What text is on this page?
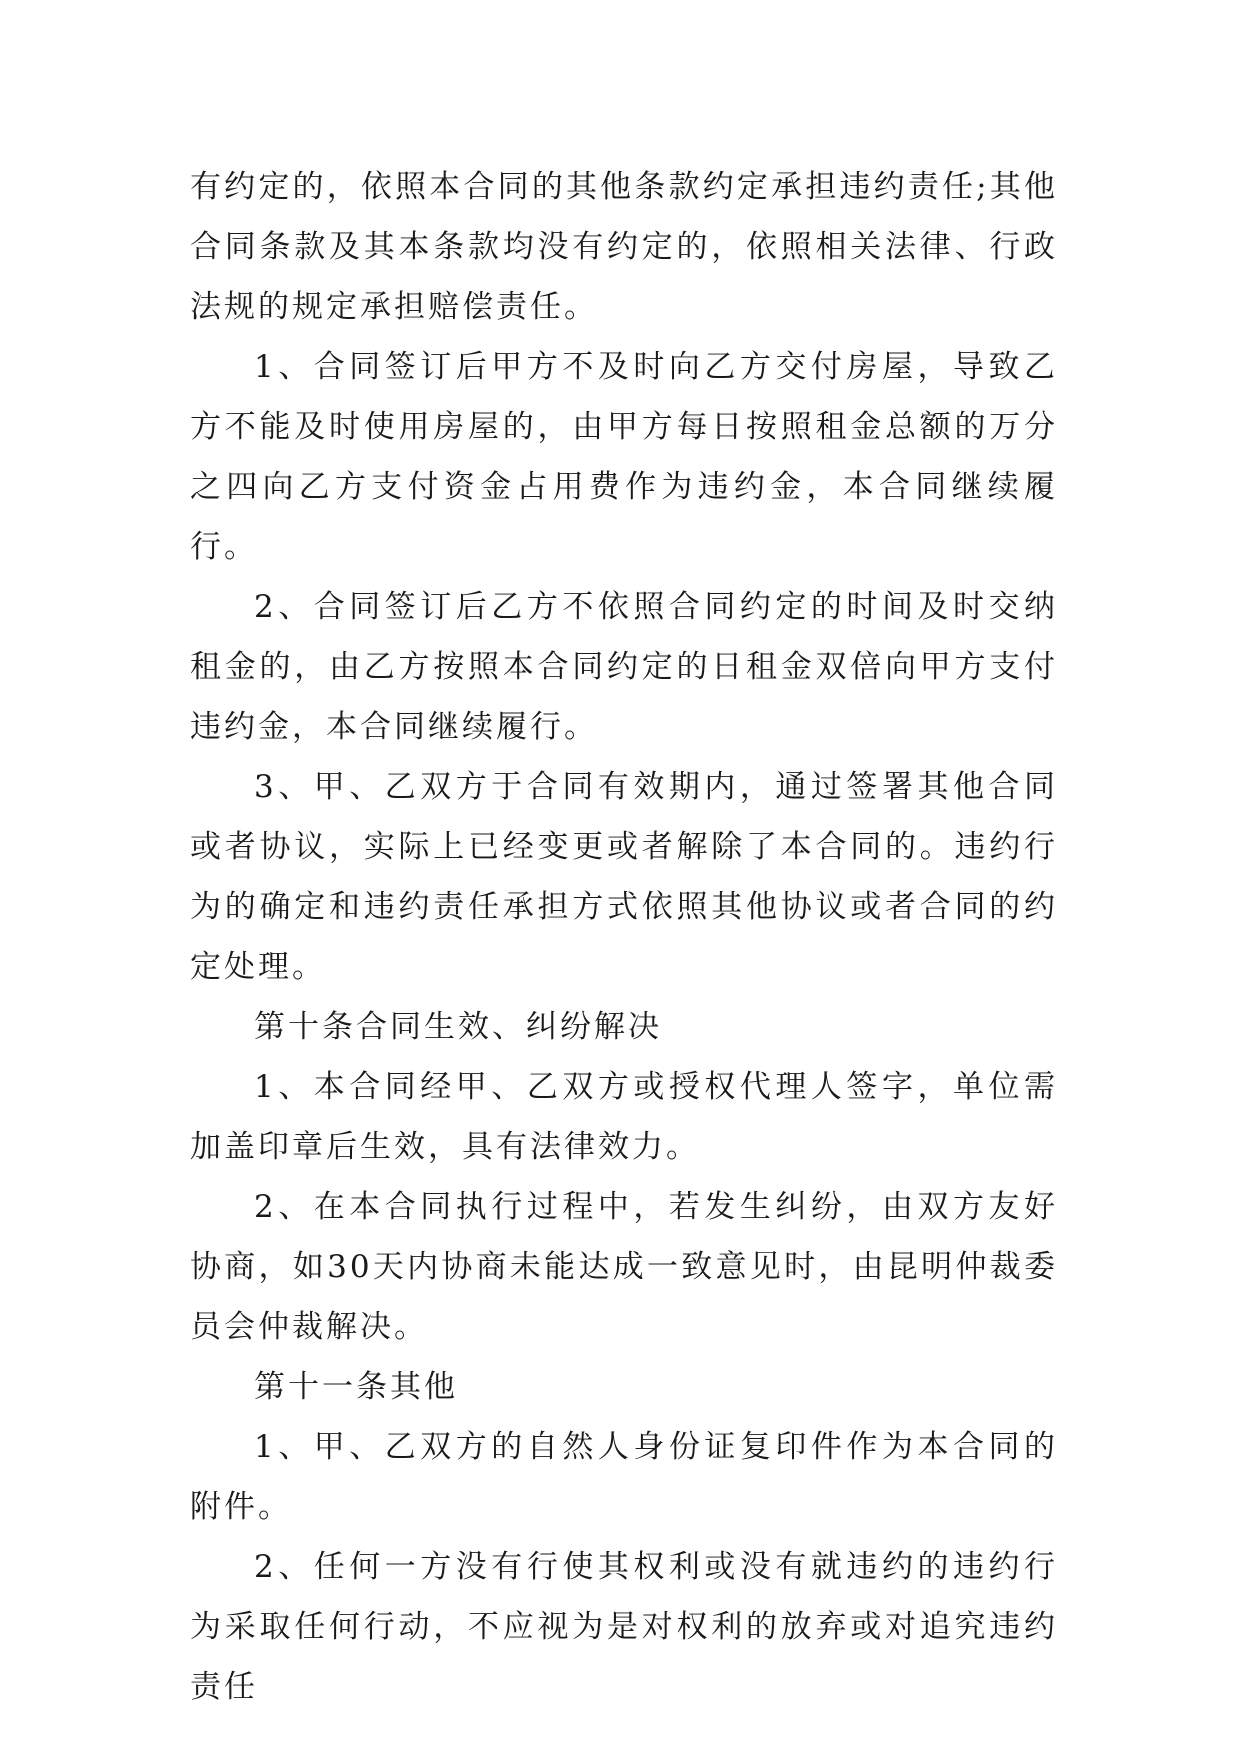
有约定的，依照本合同的其他条款约定承担违约责任;其他合同条款及其本条款均没有约定的，依照相关法律、行政法规的规定承担赔偿责任。

1、合同签订后甲方不及时向乙方交付房屋，导致乙方不能及时使用房屋的，由甲方每日按照租金总额的万分之四向乙方支付资金占用费作为违约金，本合同继续履行。

2、合同签订后乙方不依照合同约定的时间及时交纳租金的，由乙方按照本合同约定的日租金双倍向甲方支付违约金，本合同继续履行。

3、甲、乙双方于合同有效期内，通过签署其他合同或者协议，实际上已经变更或者解除了本合同的。违约行为的确定和违约责任承担方式依照其他协议或者合同的约定处理。

第十条合同生效、纠纷解决

1、本合同经甲、乙双方或授权代理人签字，单位需加盖印章后生效，具有法律效力。

2、在本合同执行过程中，若发生纠纷，由双方友好协商，如30天内协商未能达成一致意见时，由昆明仲裁委员会仲裁解决。

第十一条其他

1、甲、乙双方的自然人身份证复印件作为本合同的附件。

2、任何一方没有行使其权利或没有就违约的违约行为采取任何行动，不应视为是对权利的放弃或对追究违约责任
